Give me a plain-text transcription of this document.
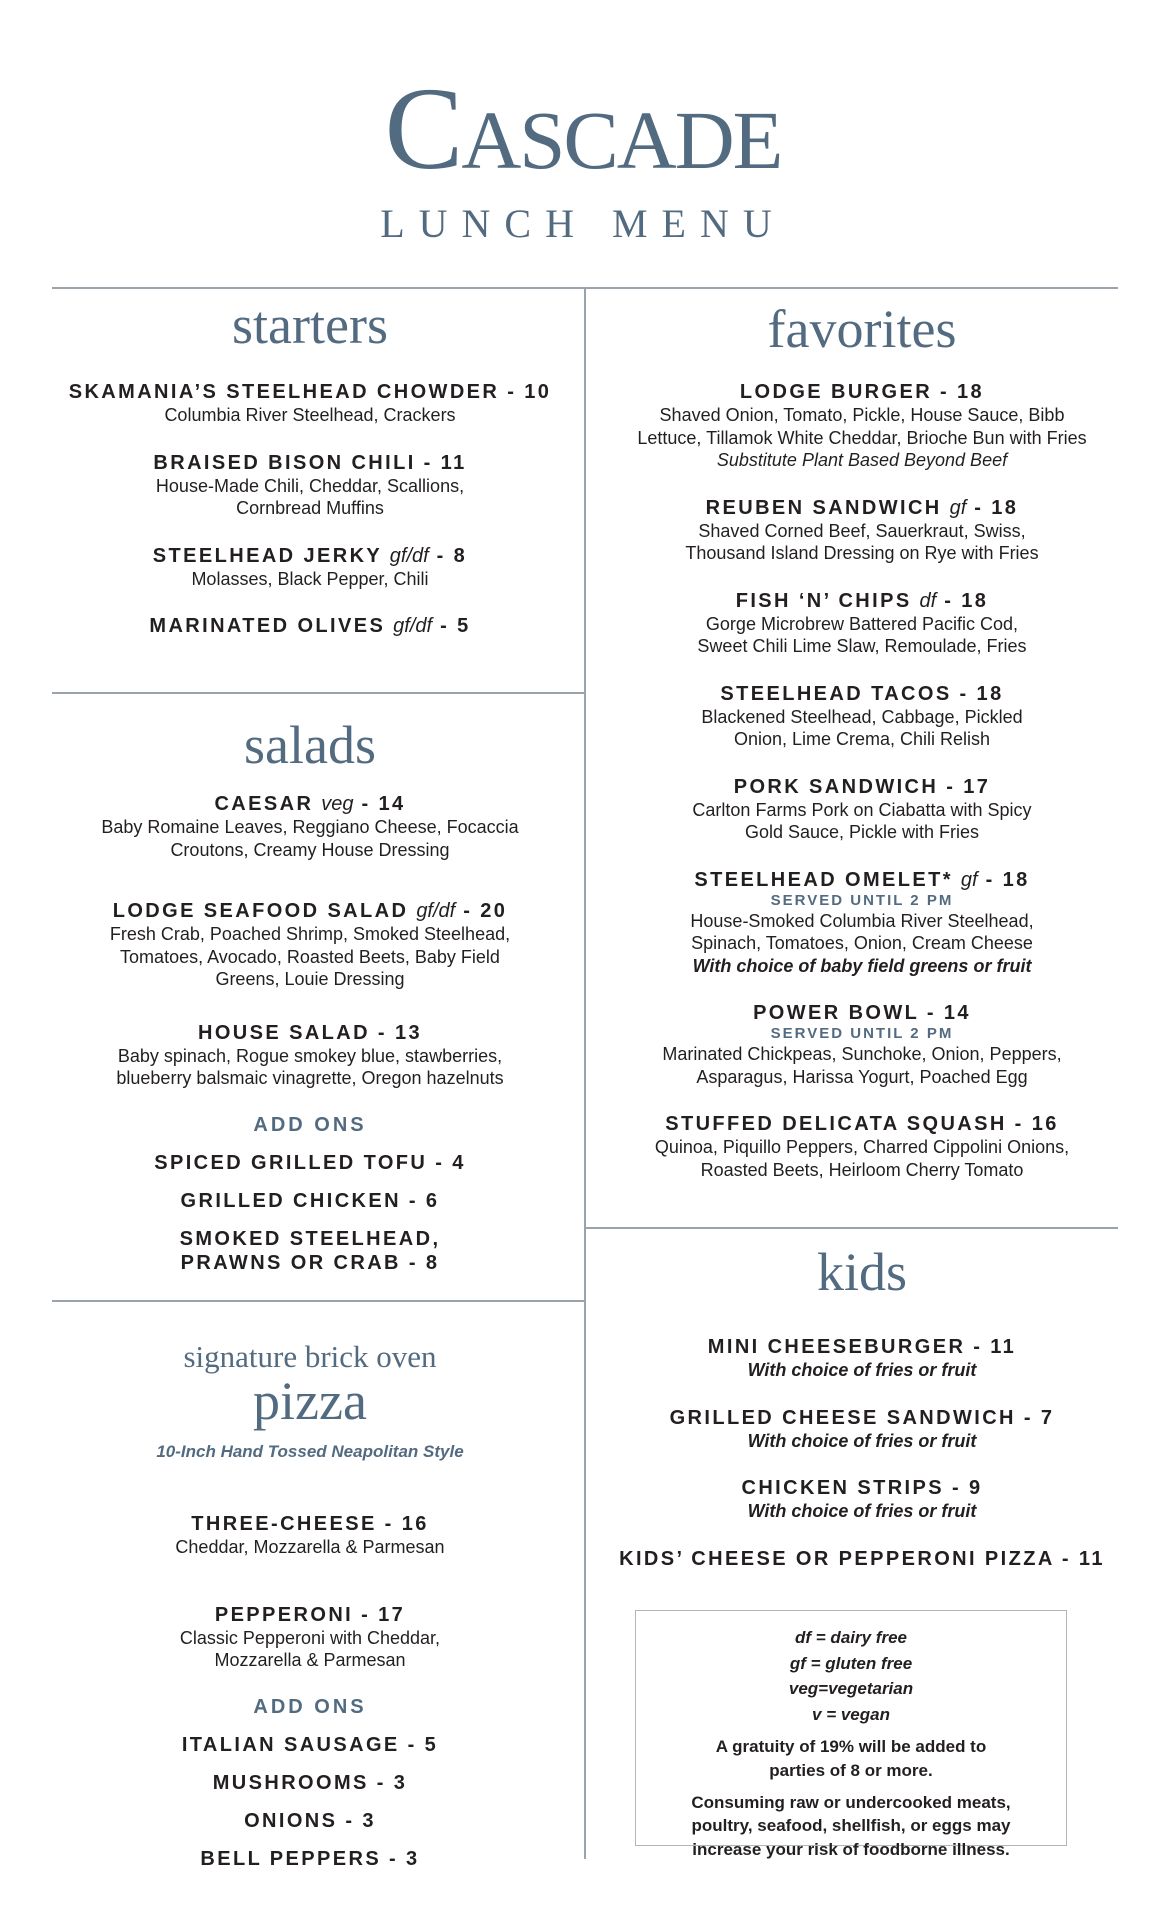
Cascade
LUNCH MENU
starters
SKAMANIA’S STEELHEAD CHOWDER - 10
Columbia River Steelhead, Crackers
BRAISED BISON CHILI - 11
House-Made Chili, Cheddar, Scallions, Cornbread Muffins
STEELHEAD JERKY gf/df - 8
Molasses, Black Pepper, Chili
MARINATED OLIVES gf/df - 5
salads
CAESAR veg - 14
Baby Romaine Leaves, Reggiano Cheese, Focaccia Croutons, Creamy House Dressing
LODGE SEAFOOD SALAD gf/df - 20
Fresh Crab, Poached Shrimp, Smoked Steelhead, Tomatoes, Avocado, Roasted Beets, Baby Field Greens, Louie Dressing
HOUSE SALAD - 13
Baby spinach, Rogue smokey blue, stawberries, blueberry balsmaic vinagrette, Oregon hazelnuts
ADD ONS
SPICED GRILLED TOFU - 4
GRILLED CHICKEN - 6
SMOKED STEELHEAD, PRAWNS OR CRAB - 8
signature brick oven
pizza
10-Inch Hand Tossed Neapolitan Style
THREE-CHEESE - 16
Cheddar, Mozzarella & Parmesan
PEPPERONI - 17
Classic Pepperoni with Cheddar, Mozzarella & Parmesan
ADD ONS
ITALIAN SAUSAGE - 5
MUSHROOMS - 3
ONIONS - 3
BELL PEPPERS - 3
favorites
LODGE BURGER - 18
Shaved Onion, Tomato, Pickle, House Sauce, Bibb Lettuce, Tillamok White Cheddar, Brioche Bun with Fries
Substitute Plant Based Beyond Beef
REUBEN SANDWICH gf - 18
Shaved Corned Beef, Sauerkraut, Swiss, Thousand Island Dressing on Rye with Fries
FISH ‘N’ CHIPS df - 18
Gorge Microbrew Battered Pacific Cod, Sweet Chili Lime Slaw, Remoulade, Fries
STEELHEAD TACOS - 18
Blackened Steelhead, Cabbage, Pickled Onion, Lime Crema, Chili Relish
PORK SANDWICH - 17
Carlton Farms Pork on Ciabatta with Spicy Gold Sauce, Pickle with Fries
STEELHEAD OMELET* gf - 18
SERVED UNTIL 2 PM
House-Smoked Columbia River Steelhead, Spinach, Tomatoes, Onion, Cream Cheese
With choice of baby field greens or fruit
POWER BOWL - 14
SERVED UNTIL 2 PM
Marinated Chickpeas, Sunchoke, Onion, Peppers, Asparagus, Harissa Yogurt, Poached Egg
STUFFED DELICATA SQUASH - 16
Quinoa, Piquillo Peppers, Charred Cippolini Onions, Roasted Beets, Heirloom Cherry Tomato
kids
MINI CHEESEBURGER - 11
With choice of fries or fruit
GRILLED CHEESE SANDWICH - 7
With choice of fries or fruit
CHICKEN STRIPS - 9
With choice of fries or fruit
KIDS’ CHEESE OR PEPPERONI PIZZA - 11
df = dairy free
gf = gluten free
veg=vegetarian
v = vegan
A gratuity of 19% will be added to parties of 8 or more.
Consuming raw or undercooked meats, poultry, seafood, shellfish, or eggs may increase your risk of foodborne illness.
